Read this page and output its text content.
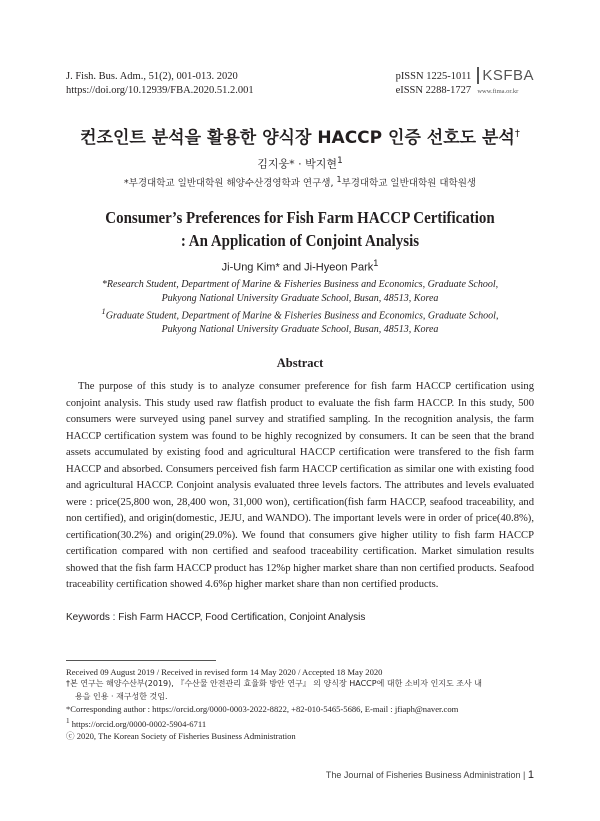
J. Fish. Bus. Adm., 51(2), 001-013. 2020
https://doi.org/10.12939/FBA.2020.51.2.001
pISSN 1225-1011
eISSN 2288-1727
KSFBA
www.fima.or.kr
컨조인트 분석을 활용한 양식장 HACCP 인증 선호도 분석†
김지웅* · 박지현$^1$
*부경대학교 일반대학원 해양수산경영학과 연구생, $^1$부경대학교 일반대학원 대학원생
Consumer’s Preferences for Fish Farm HACCP Certification
: An Application of Conjoint Analysis
Ji-Ung Kim* and Ji-Hyeon Park$^1$
*Research Student, Department of Marine & Fisheries Business and Economics, Graduate School,
Pukyong National University Graduate School, Busan, 48513, Korea
$^1$Graduate Student, Department of Marine & Fisheries Business and Economics, Graduate School,
Pukyong National University Graduate School, Busan, 48513, Korea
Abstract

The purpose of this study is to analyze consumer preference for fish farm HACCP certification using conjoint analysis. This study used raw flatfish product to evaluate the fish farm HACCP. In this study, 500 consumers were surveyed using panel survey and stratified sampling. In the recognition analysis, the farm HACCP certification system was found to be highly recognized by consumers. It can be seen that the brand assets accumulated by existing food and agricultural HACCP certification were transfered to the fish farm HACCP and absorbed. Consumers perceived fish farm HACCP certification as similar one with existing food and agricultural HACCP. Conjoint analysis evaluated three levels factors. The attributes and levels evaluated were : price(25,800 won, 28,400 won, 31,000 won), certification(fish farm HACCP, seafood traceability, and non certified), and origin(domestic, JEJU, and WANDO). The important levels were in order of price(40.8%), certification(30.2%) and origin(29.0%). We found that consumers give higher utility to fish farm HACCP certification compared with non certified and seafood traceability certification. Market simulation results showed that the fish farm HACCP product has 12%p higher market share than non certified products. Seafood traceability certification showed 4.6%p higher market share than non certified products.

Keywords : Fish Farm HACCP, Food Certification, Conjoint Analysis
Received 09 August 2019 / Received in revised form 14 May 2020 / Accepted 18 May 2020
†본 연구는 해양수산부(2019), 『수산물 안전관리 효율화 방안 연구』 의 양식장 HACCP에 대한 소비자 인지도 조사 내
용을 인용 · 재구성한 것임.
*Corresponding author : https://orcid.org/0000-0003-2022-8822, +82-010-5465-5686, E-mail : jfiaph@naver.com
$^1$ https://orcid.org/0000-0002-5904-6711
ⓒ 2020, The Korean Society of Fisheries Business Administration
The Journal of Fisheries Business Administration | 1
